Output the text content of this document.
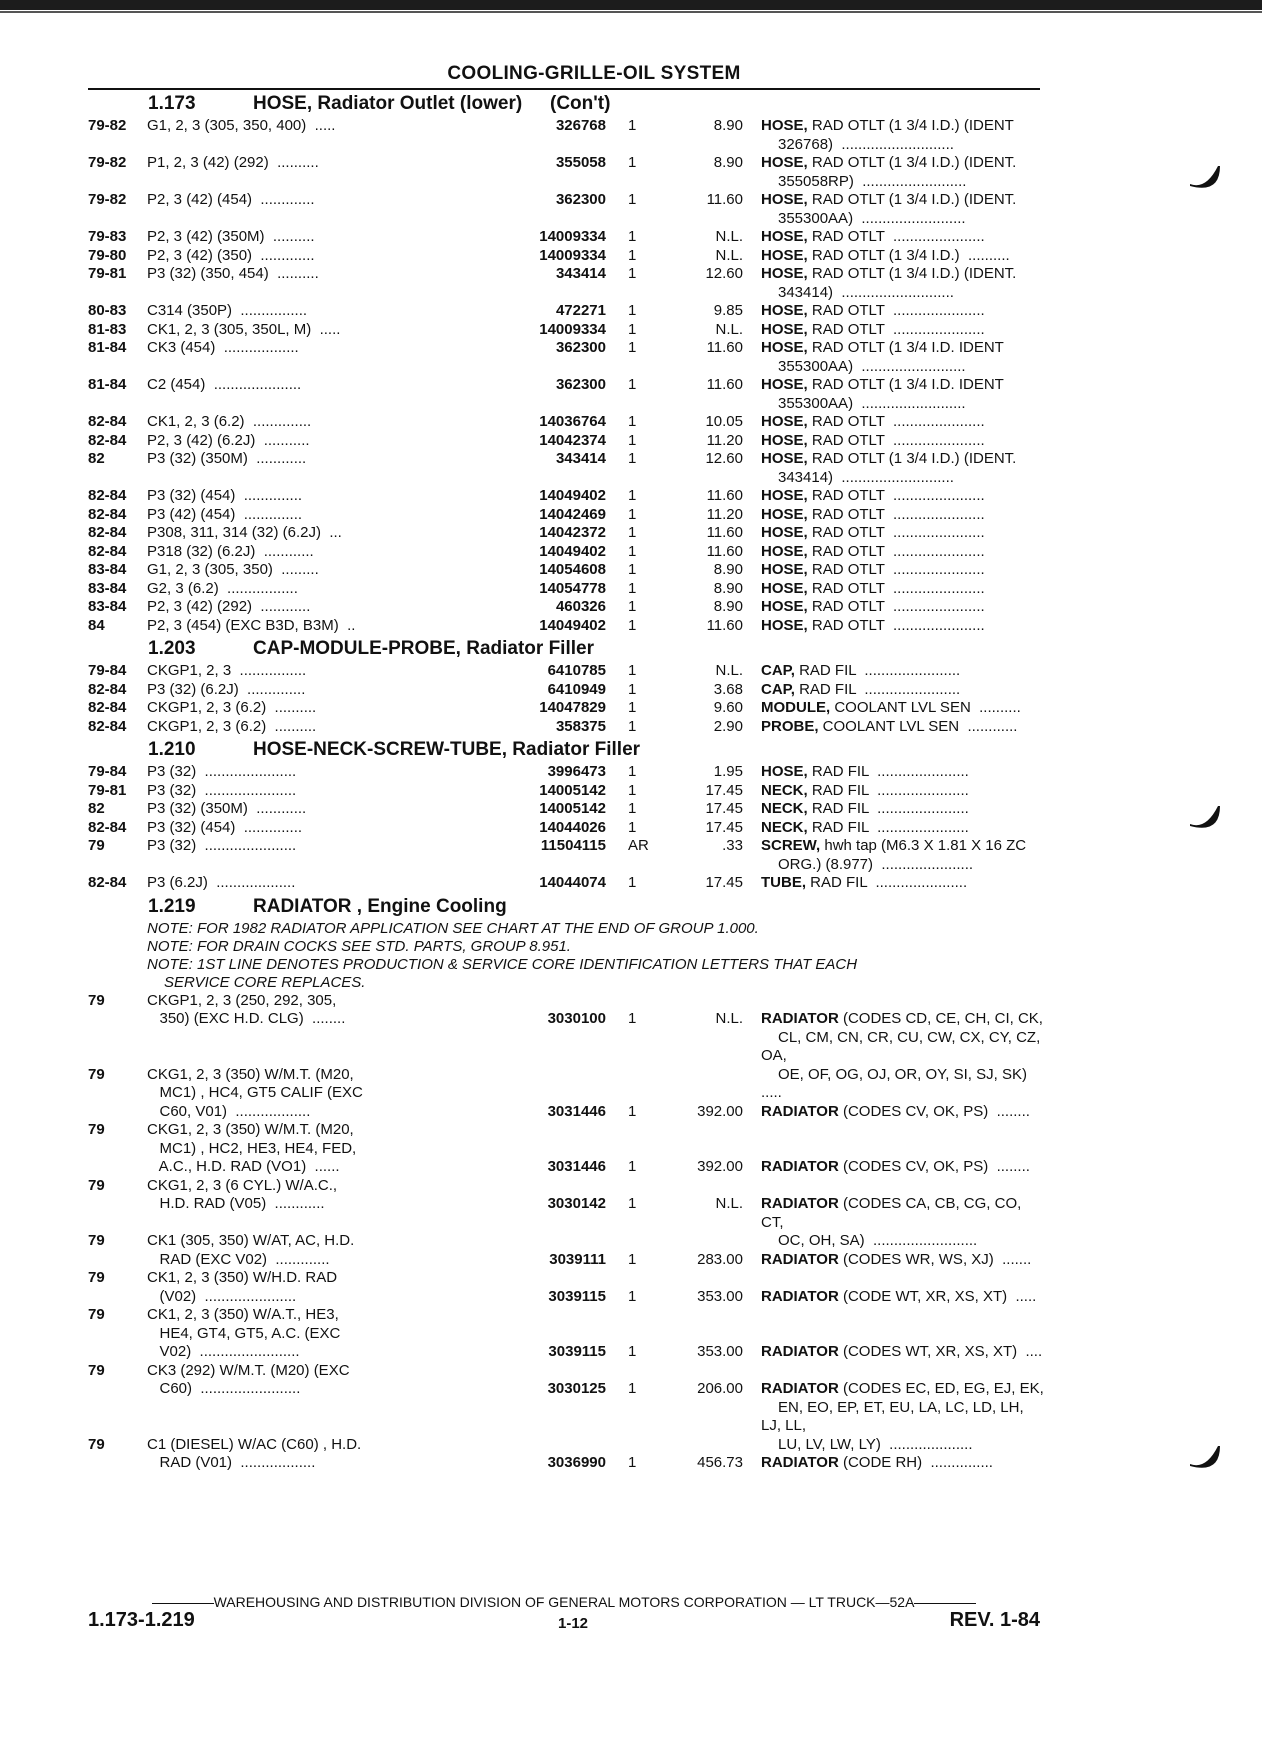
COOLING-GRILLE-OIL SYSTEM
1.173	HOSE, Radiator Outlet (lower) (Con't)
79-82 G1, 2, 3 (305, 350, 400)  .....	326768 1	8.90 HOSE, RAD OTLT (1 3/4 I.D.) (IDENT
326768)  ...........................
79-82 P1, 2, 3 (42) (292)  ..........	355058 1	8.90 HOSE, RAD OTLT (1 3/4 I.D.) (IDENT.
355058RP)  .........................
79-82 P2, 3 (42) (454)  .............	362300 1	11.60 HOSE, RAD OTLT (1 3/4 I.D.) (IDENT.
355300AA)  .........................
79-83 P2, 3 (42) (350M)  ..........	14009334 1	N.L. HOSE, RAD OTLT  ......................
79-80 P2, 3 (42) (350)  .............	14009334 1	N.L. HOSE, RAD OTLT (1 3/4 I.D.)  ..........
79-81 P3 (32) (350, 454)  ..........	343414 1	12.60 HOSE, RAD OTLT (1 3/4 I.D.) (IDENT.
343414)  ...........................
80-83 C314 (350P)  ................	472271 1	9.85 HOSE, RAD OTLT  ......................
81-83 CK1, 2, 3 (305, 350L, M)  .....	14009334 1	N.L. HOSE, RAD OTLT  ......................
81-84 CK3 (454)  ..................	362300 1	11.60 HOSE, RAD OTLT (1 3/4 I.D. IDENT
355300AA)  .........................
81-84 C2 (454)  .....................	362300 1	11.60 HOSE, RAD OTLT (1 3/4 I.D. IDENT
355300AA)  .........................
82-84 CK1, 2, 3 (6.2)  ..............	14036764 1	10.05 HOSE, RAD OTLT  ......................
82-84 P2, 3 (42) (6.2J)  ...........	14042374 1	11.20 HOSE, RAD OTLT  ......................
82	P3 (32) (350M)  ............	343414 1	12.60 HOSE, RAD OTLT (1 3/4 I.D.) (IDENT.
343414)  ...........................
82-84 P3 (32) (454)  ..............	14049402 1	11.60 HOSE, RAD OTLT  ......................
82-84 P3 (42) (454)  ..............	14042469 1	11.20 HOSE, RAD OTLT  ......................
82-84 P308, 311, 314 (32) (6.2J)  ...	14042372 1	11.60 HOSE, RAD OTLT  ......................
82-84 P318 (32) (6.2J)  ............	14049402 1	11.60 HOSE, RAD OTLT  ......................
83-84 G1, 2, 3 (305, 350)  .........	14054608 1	8.90 HOSE, RAD OTLT  ......................
83-84 G2, 3 (6.2)  .................	14054778 1	8.90 HOSE, RAD OTLT  ......................
83-84 P2, 3 (42) (292)  ............	460326 1	8.90 HOSE, RAD OTLT  ......................
84	P2, 3 (454) (EXC B3D, B3M)  ..	14049402 1	11.60 HOSE, RAD OTLT  ......................
1.203	CAP-MODULE-PROBE, Radiator Filler
79-84 CKGP1, 2, 3  ................	6410785 1	N.L. CAP, RAD FIL  .......................
82-84 P3 (32) (6.2J)  ..............	6410949 1	3.68 CAP, RAD FIL  .......................
82-84 CKGP1, 2, 3 (6.2)  ..........	14047829 1	9.60 MODULE, COOLANT LVL SEN  ..........
82-84 CKGP1, 2, 3 (6.2)  ..........	358375 1	2.90 PROBE, COOLANT LVL SEN  ............
1.210	HOSE-NECK-SCREW-TUBE, Radiator Filler
79-84 P3 (32)  ......................	3996473 1	1.95 HOSE, RAD FIL  ......................
79-81 P3 (32)  ......................	14005142 1	17.45 NECK, RAD FIL  ......................
82	P3 (32) (350M)  ............	14005142 1	17.45 NECK, RAD FIL  ......................
82-84 P3 (32) (454)  ..............	14044026 1	17.45 NECK, RAD FIL  ......................
79	P3 (32)  ......................	11504115 AR	.33 SCREW, hwh tap (M6.3 X 1.81 X 16 ZC
ORG.) (8.977)  ......................
82-84 P3 (6.2J)  ...................	14044074 1	17.45 TUBE, RAD FIL  ......................
1.219	RADIATOR , Engine Cooling
NOTE: FOR 1982 RADIATOR APPLICATION SEE CHART AT THE END OF GROUP 1.000.
NOTE: FOR DRAIN COCKS SEE STD. PARTS, GROUP 8.951.
NOTE: 1ST LINE DENOTES PRODUCTION & SERVICE CORE IDENTIFICATION LETTERS THAT EACH
SERVICE CORE REPLACES.
79	CKGP1, 2, 3 (250, 292, 305,
350) (EXC H.D. CLG)  ........	3030100 1	N.L. RADIATOR (CODES CD, CE, CH, CI, CK,
CL, CM, CN, CR, CU, CW, CX, CY, CZ, OA,
OE, OF, OG, OJ, OR, OY, SI, SJ, SK)  .....
79	CKG1, 2, 3 (350) W/M.T. (M20,
MC1) , HC4, GT5 CALIF (EXC
C60, V01)  ..................	3031446 1	392.00 RADIATOR (CODES CV, OK, PS)  ........
79	CKG1, 2, 3 (350) W/M.T. (M20,
MC1) , HC2, HE3, HE4, FED,
A.C., H.D. RAD (VO1)  ......	3031446 1	392.00 RADIATOR (CODES CV, OK, PS)  ........
79	CKG1, 2, 3 (6 CYL.) W/A.C.,
H.D. RAD (V05)  ............	3030142 1	N.L. RADIATOR (CODES CA, CB, CG, CO, CT,
OC, OH, SA)  .........................
79	CK1 (305, 350) W/AT, AC, H.D.
RAD (EXC V02)  .............	3039111 1	283.00 RADIATOR (CODES WR, WS, XJ)  .......
79	CK1, 2, 3 (350) W/H.D. RAD
(V02)  ......................	3039115 1	353.00 RADIATOR (CODE WT, XR, XS, XT)  .....
79	CK1, 2, 3 (350) W/A.T., HE3,
HE4, GT4, GT5, A.C. (EXC
V02)  ........................	3039115 1	353.00 RADIATOR (CODES WT, XR, XS, XT)  ....
79	CK3 (292) W/M.T. (M20) (EXC
C60)  ........................	3030125 1	206.00 RADIATOR (CODES EC, ED, EG, EJ, EK,
EN, EO, EP, ET, EU, LA, LC, LD, LH, LJ, LL,
LU, LV, LW, LY)  ....................
79	C1 (DIESEL) W/AC (C60) , H.D.
RAD (V01)  ..................	3036990 1	456.73 RADIATOR (CODE RH)  ...............
WAREHOUSING AND DISTRIBUTION DIVISION OF GENERAL MOTORS CORPORATION — LT TRUCK—52A
1.173-1.219	1-12	REV. 1-84
